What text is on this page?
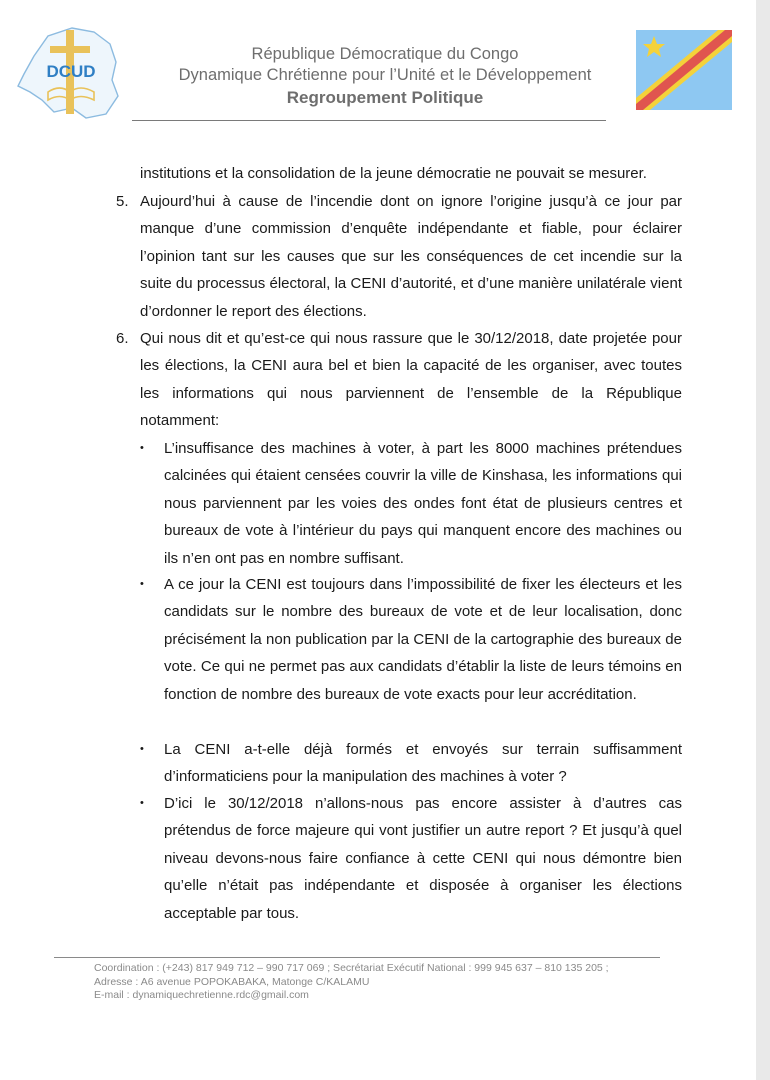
DCUD
République Démocratique du Congo
Dynamique Chrétienne pour l’Unité et le Développement
Regroupement Politique
institutions et la consolidation de la jeune démocratie ne pouvait se mesurer.
5. Aujourd’hui à cause de l’incendie dont on ignore l’origine jusqu’à ce jour par manque d’une commission d’enquête indépendante et fiable, pour éclairer l’opinion tant sur les causes que sur les conséquences de cet incendie sur la suite du processus électoral, la CENI d’autorité, et d’une manière unilatérale vient d’ordonner le report des élections.
6. Qui nous dit et qu’est-ce qui nous rassure que le 30/12/2018, date projetée pour les élections, la CENI aura bel et bien la capacité de les organiser, avec toutes les informations qui nous parviennent de l’ensemble de la République notamment:
•	L’insuffisance des machines à voter, à part les 8000 machines prétendues calcinées qui étaient censées couvrir la ville de Kinshasa, les informations qui nous parviennent par les voies des ondes font état de plusieurs centres et bureaux de vote à l’intérieur du pays qui manquent encore des machines ou ils n’en ont pas en nombre suffisant.
•	A ce jour la CENI est toujours dans l’impossibilité de fixer les électeurs et les candidats sur le nombre des bureaux de vote et de leur localisation, donc précisément la non publication par la CENI de la cartographie des bureaux de vote. Ce qui ne permet pas aux candidats d’établir la liste de leurs témoins en fonction de nombre des bureaux de vote exacts pour leur accréditation.
•	La CENI a-t-elle déjà formés et envoyés sur terrain suffisamment d’informaticiens pour la manipulation des machines à voter ?
•	D’ici le 30/12/2018 n’allons-nous pas encore assister à d’autres cas prétendus de force majeure qui vont justifier un autre report ? Et jusqu’à quel niveau devons-nous faire confiance à cette CENI qui nous démontre bien qu’elle n’était pas indépendante et disposée à organiser les élections acceptable par tous.
Coordination : (+243) 817 949 712 – 990 717 069 ; Secrétariat Exécutif National : 999 945 637 – 810 135 205 ;
Adresse : A6 avenue POPOKABAKA, Matonge C/KALAMU
E-mail : dynamiquechretienne.rdc@gmail.com
